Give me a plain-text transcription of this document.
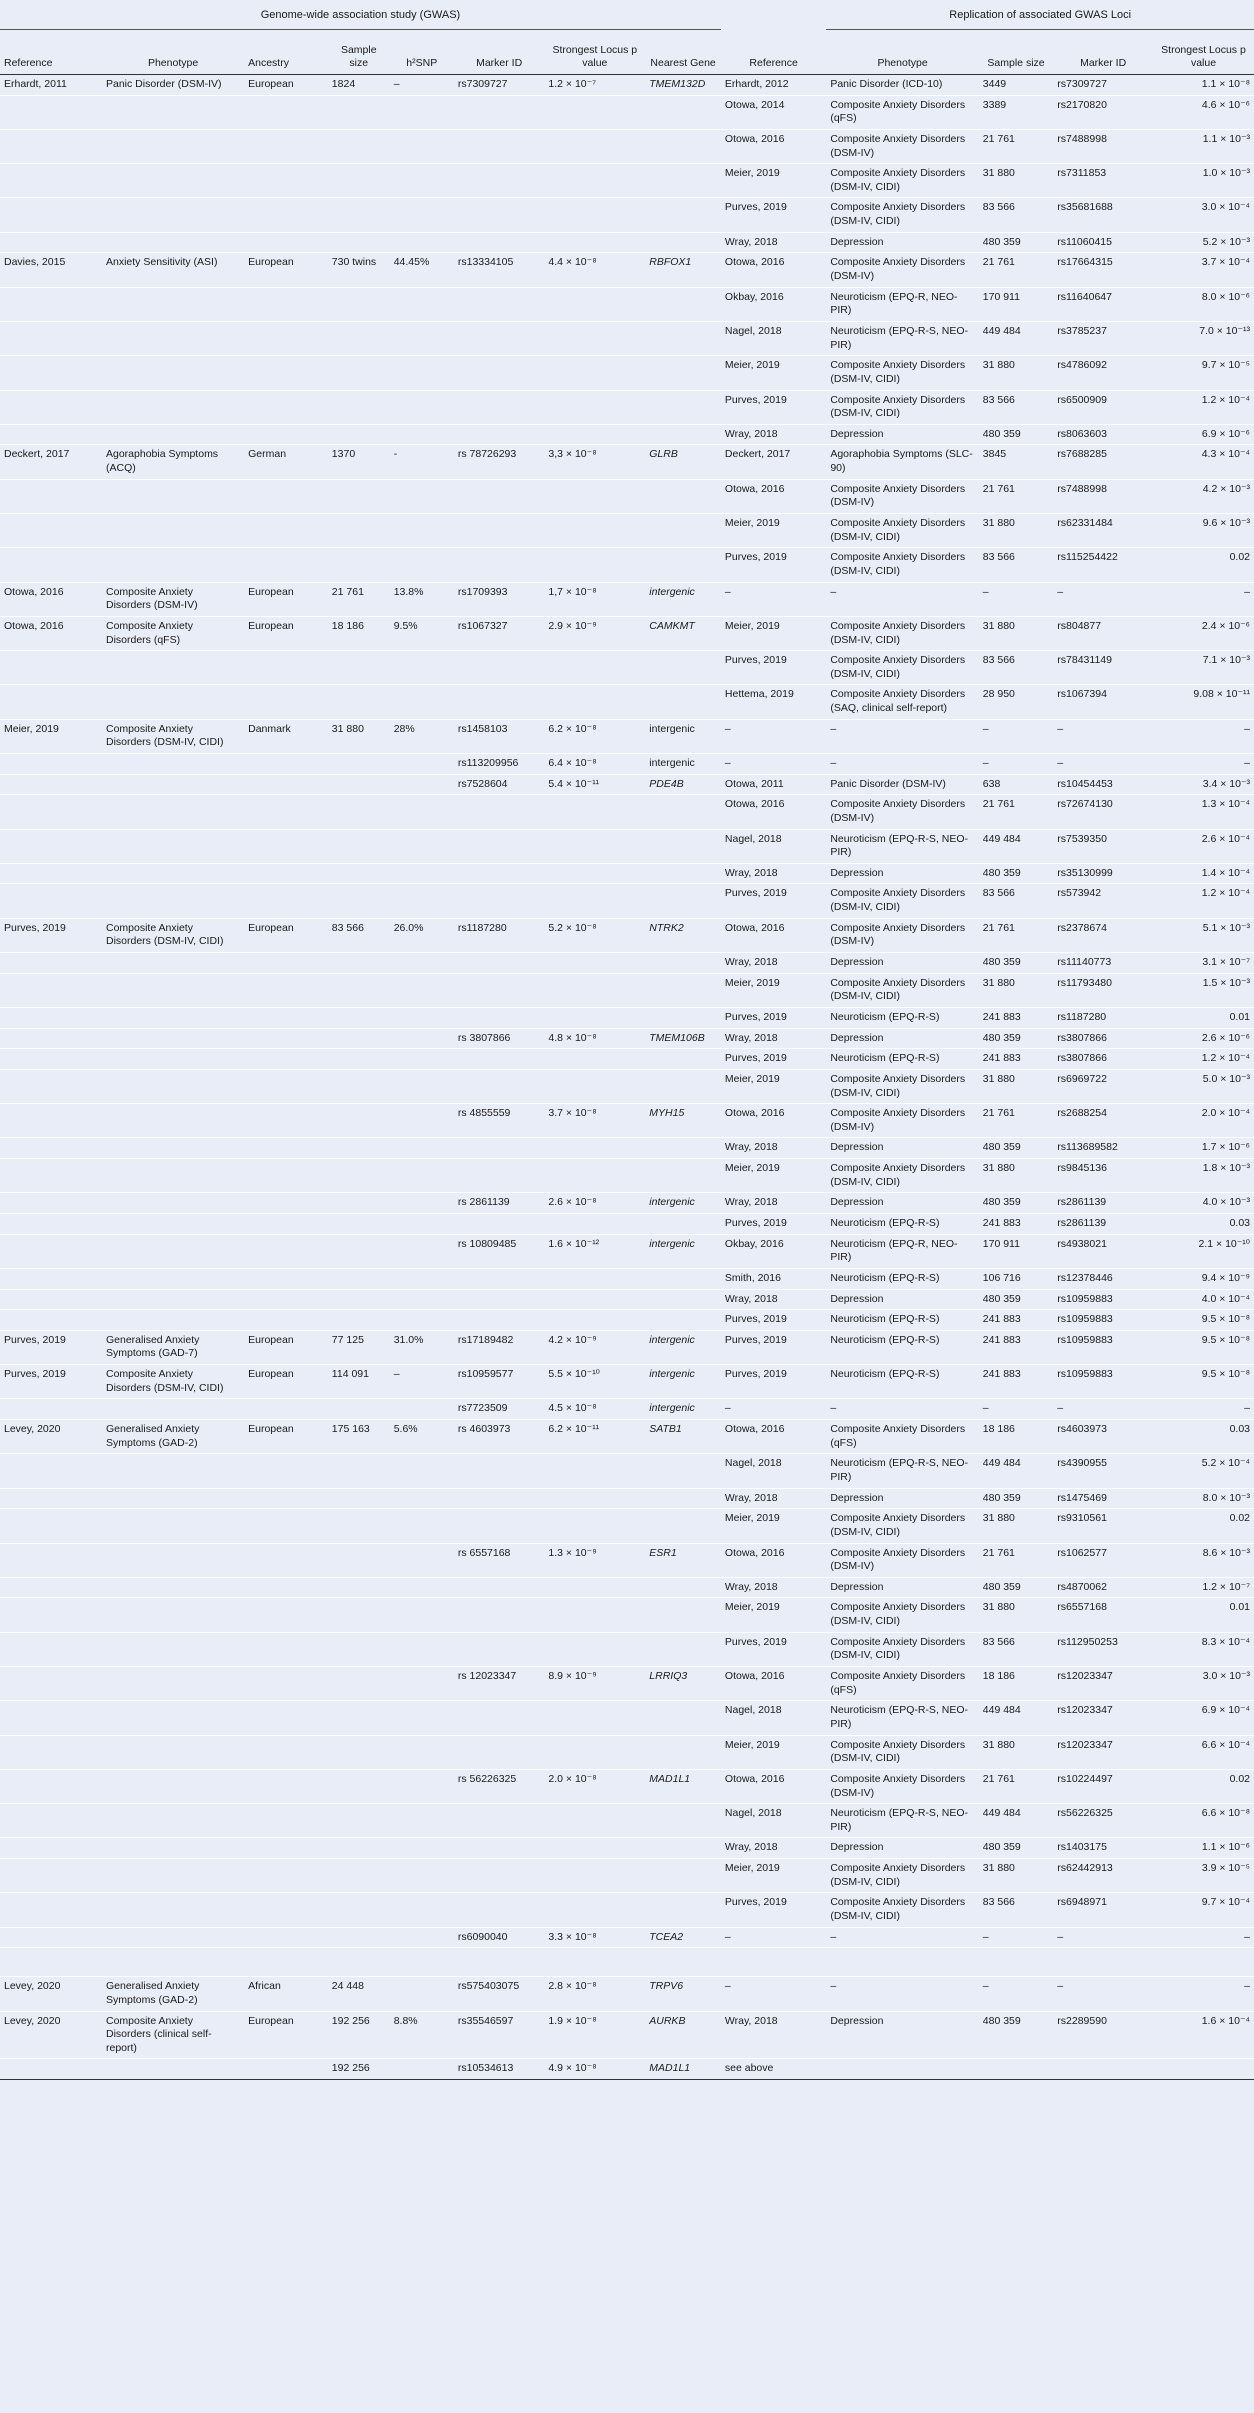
Genome-wide association study (GWAS)									Replication of associated GWAS Loci			
Reference	Phenotype	Ancestry	Sample size	h²SNP	Marker ID	Strongest Locus p value	Nearest Gene	Reference	Phenotype	Sample size	Marker ID	Strongest Locus p value
Erhardt, 2011	Panic Disorder (DSM-IV)	European	1824	–	rs7309727	1.2 × 10⁻⁷	TMEM132D	Erhardt, 2012	Panic Disorder (ICD-10)	3449	rs7309727	1.1 × 10⁻⁸
								Otowa, 2014	Composite Anxiety Disorders (qFS)	3389	rs2170820	4.6 × 10⁻⁶
								Otowa, 2016	Composite Anxiety Disorders (DSM-IV)	21 761	rs7488998	1.1 × 10⁻³
								Meier, 2019	Composite Anxiety Disorders (DSM-IV, CIDI)	31 880	rs7311853	1.0 × 10⁻³
								Purves, 2019	Composite Anxiety Disorders (DSM-IV, CIDI)	83 566	rs35681688	3.0 × 10⁻⁴
								Wray, 2018	Depression	480 359	rs11060415	5.2 × 10⁻³
Davies, 2015	Anxiety Sensitivity (ASI)	European	730 twins	44.45%	rs13334105	4.4 × 10⁻⁸	RBFOX1	Otowa, 2016	Composite Anxiety Disorders (DSM-IV)	21 761	rs17664315	3.7 × 10⁻⁴
								Okbay, 2016	Neuroticism (EPQ-R, NEO-PIR)	170 911	rs11640647	8.0 × 10⁻⁶
								Nagel, 2018	Neuroticism (EPQ-R-S, NEO-PIR)	449 484	rs3785237	7.0 × 10⁻¹³
								Meier, 2019	Composite Anxiety Disorders (DSM-IV, CIDI)	31 880	rs4786092	9.7 × 10⁻⁵
								Purves, 2019	Composite Anxiety Disorders (DSM-IV, CIDI)	83 566	rs6500909	1.2 × 10⁻⁴
								Wray, 2018	Depression	480 359	rs8063603	6.9 × 10⁻⁶
Deckert, 2017	Agoraphobia Symptoms (ACQ)	German	1370	-	rs 78726293	3,3 × 10⁻⁸	GLRB	Deckert, 2017	Agoraphobia Symptoms (SLC-90)	3845	rs7688285	4.3 × 10⁻⁴
								Otowa, 2016	Composite Anxiety Disorders (DSM-IV)	21 761	rs7488998	4.2 × 10⁻³
								Meier, 2019	Composite Anxiety Disorders (DSM-IV, CIDI)	31 880	rs62331484	9.6 × 10⁻³
								Purves, 2019	Composite Anxiety Disorders (DSM-IV, CIDI)	83 566	rs115254422	0.02
Otowa, 2016	Composite Anxiety Disorders (DSM-IV)	European	21 761	13.8%	rs1709393	1,7 × 10⁻⁸	intergenic	–	–	–	–	–
Otowa, 2016	Composite Anxiety Disorders (qFS)	European	18 186	9.5%	rs1067327	2.9 × 10⁻⁹	CAMKMT	Meier, 2019	Composite Anxiety Disorders (DSM-IV, CIDI)	31 880	rs804877	2.4 × 10⁻⁶
								Purves, 2019	Composite Anxiety Disorders (DSM-IV, CIDI)	83 566	rs78431149	7.1 × 10⁻³
								Hettema, 2019	Composite Anxiety Disorders (SAQ, clinical self-report)	28 950	rs1067394	9.08 × 10⁻¹¹
Meier, 2019	Composite Anxiety Disorders (DSM-IV, CIDI)	Danmark	31 880	28%	rs1458103	6.2 × 10⁻⁸	intergenic	–	–	–	–	–
					rs113209956	6.4 × 10⁻⁸	intergenic	–	–	–	–	–
					rs7528604	5.4 × 10⁻¹¹	PDE4B	Otowa, 2011	Panic Disorder (DSM-IV)	638	rs10454453	3.4 × 10⁻³
								Otowa, 2016	Composite Anxiety Disorders (DSM-IV)	21 761	rs72674130	1.3 × 10⁻⁴
								Nagel, 2018	Neuroticism (EPQ-R-S, NEO-PIR)	449 484	rs7539350	2.6 × 10⁻⁴
								Wray, 2018	Depression	480 359	rs35130999	1.4 × 10⁻⁴
								Purves, 2019	Composite Anxiety Disorders (DSM-IV, CIDI)	83 566	rs573942	1.2 × 10⁻⁴
Purves, 2019	Composite Anxiety Disorders (DSM-IV, CIDI)	European	83 566	26.0%	rs1187280	5.2 × 10⁻⁸	NTRK2	Otowa, 2016	Composite Anxiety Disorders (DSM-IV)	21 761	rs2378674	5.1 × 10⁻³
								Wray, 2018	Depression	480 359	rs11140773	3.1 × 10⁻⁷
								Meier, 2019	Composite Anxiety Disorders (DSM-IV, CIDI)	31 880	rs11793480	1.5 × 10⁻³
								Purves, 2019	Neuroticism (EPQ-R-S)	241 883	rs1187280	0.01
					rs 3807866	4.8 × 10⁻⁸	TMEM106B	Wray, 2018	Depression	480 359	rs3807866	2.6 × 10⁻⁶
								Purves, 2019	Neuroticism (EPQ-R-S)	241 883	rs3807866	1.2 × 10⁻⁴
								Meier, 2019	Composite Anxiety Disorders (DSM-IV, CIDI)	31 880	rs6969722	5.0 × 10⁻³
					rs 4855559	3.7 × 10⁻⁸	MYH15	Otowa, 2016	Composite Anxiety Disorders (DSM-IV)	21 761	rs2688254	2.0 × 10⁻⁴
								Wray, 2018	Depression	480 359	rs113689582	1.7 × 10⁻⁶
								Meier, 2019	Composite Anxiety Disorders (DSM-IV, CIDI)	31 880	rs9845136	1.8 × 10⁻³
					rs 2861139	2.6 × 10⁻⁸	intergenic	Wray, 2018	Depression	480 359	rs2861139	4.0 × 10⁻³
								Purves, 2019	Neuroticism (EPQ-R-S)	241 883	rs2861139	0.03
					rs 10809485	1.6 × 10⁻¹²	intergenic	Okbay, 2016	Neuroticism (EPQ-R, NEO-PIR)	170 911	rs4938021	2.1 × 10⁻¹⁰
								Smith, 2016	Neuroticism (EPQ-R-S)	106 716	rs12378446	9.4 × 10⁻⁹
								Wray, 2018	Depression	480 359	rs10959883	4.0 × 10⁻⁴
								Purves, 2019	Neuroticism (EPQ-R-S)	241 883	rs10959883	9.5 × 10⁻⁸
Purves, 2019	Generalised Anxiety Symptoms (GAD-7)	European	77 125	31.0%	rs17189482	4.2 × 10⁻⁹	intergenic	Purves, 2019	Neuroticism (EPQ-R-S)	241 883	rs10959883	9.5 × 10⁻⁸
Purves, 2019	Composite Anxiety Disorders (DSM-IV, CIDI)	European	114 091	–	rs10959577	5.5 × 10⁻¹⁰	intergenic	Purves, 2019	Neuroticism (EPQ-R-S)	241 883	rs10959883	9.5 × 10⁻⁸
					rs7723509	4.5 × 10⁻⁸	intergenic	–	–	–	–	–
Levey, 2020	Generalised Anxiety Symptoms (GAD-2)	European	175 163	5.6%	rs 4603973	6.2 × 10⁻¹¹	SATB1	Otowa, 2016	Composite Anxiety Disorders (qFS)	18 186	rs4603973	0.03
								Nagel, 2018	Neuroticism (EPQ-R-S, NEO-PIR)	449 484	rs4390955	5.2 × 10⁻⁴
								Wray, 2018	Depression	480 359	rs1475469	8.0 × 10⁻³
								Meier, 2019	Composite Anxiety Disorders (DSM-IV, CIDI)	31 880	rs9310561	0.02
					rs 6557168	1.3 × 10⁻⁹	ESR1	Otowa, 2016	Composite Anxiety Disorders (DSM-IV)	21 761	rs1062577	8.6 × 10⁻³
								Wray, 2018	Depression	480 359	rs4870062	1.2 × 10⁻⁷
								Meier, 2019	Composite Anxiety Disorders (DSM-IV, CIDI)	31 880	rs6557168	0.01
								Purves, 2019	Composite Anxiety Disorders (DSM-IV, CIDI)	83 566	rs112950253	8.3 × 10⁻⁴
					rs 12023347	8.9 × 10⁻⁹	LRRIQ3	Otowa, 2016	Composite Anxiety Disorders (qFS)	18 186	rs12023347	3.0 × 10⁻³
								Nagel, 2018	Neuroticism (EPQ-R-S, NEO-PIR)	449 484	rs12023347	6.9 × 10⁻⁴
								Meier, 2019	Composite Anxiety Disorders (DSM-IV, CIDI)	31 880	rs12023347	6.6 × 10⁻⁴
					rs 56226325	2.0 × 10⁻⁸	MAD1L1	Otowa, 2016	Composite Anxiety Disorders (DSM-IV)	21 761	rs10224497	0.02
								Nagel, 2018	Neuroticism (EPQ-R-S, NEO-PIR)	449 484	rs56226325	6.6 × 10⁻⁸
								Wray, 2018	Depression	480 359	rs1403175	1.1 × 10⁻⁶
								Meier, 2019	Composite Anxiety Disorders (DSM-IV, CIDI)	31 880	rs62442913	3.9 × 10⁻⁵
								Purves, 2019	Composite Anxiety Disorders (DSM-IV, CIDI)	83 566	rs6948971	9.7 × 10⁻⁴
					rs6090040	3.3 × 10⁻⁸	TCEA2	–	–	–	–	–

Levey, 2020	Generalised Anxiety Symptoms (GAD-2)	African	24 448		rs575403075	2.8 × 10⁻⁸	TRPV6	–	–	–	–	–
Levey, 2020	Composite Anxiety Disorders (clinical self-report)	European	192 256	8.8%	rs35546597	1.9 × 10⁻⁸	AURKB	Wray, 2018	Depression	480 359	rs2289590	1.6 × 10⁻⁴
			192 256		rs10534613	4.9 × 10⁻⁸	MAD1L1	see above				
